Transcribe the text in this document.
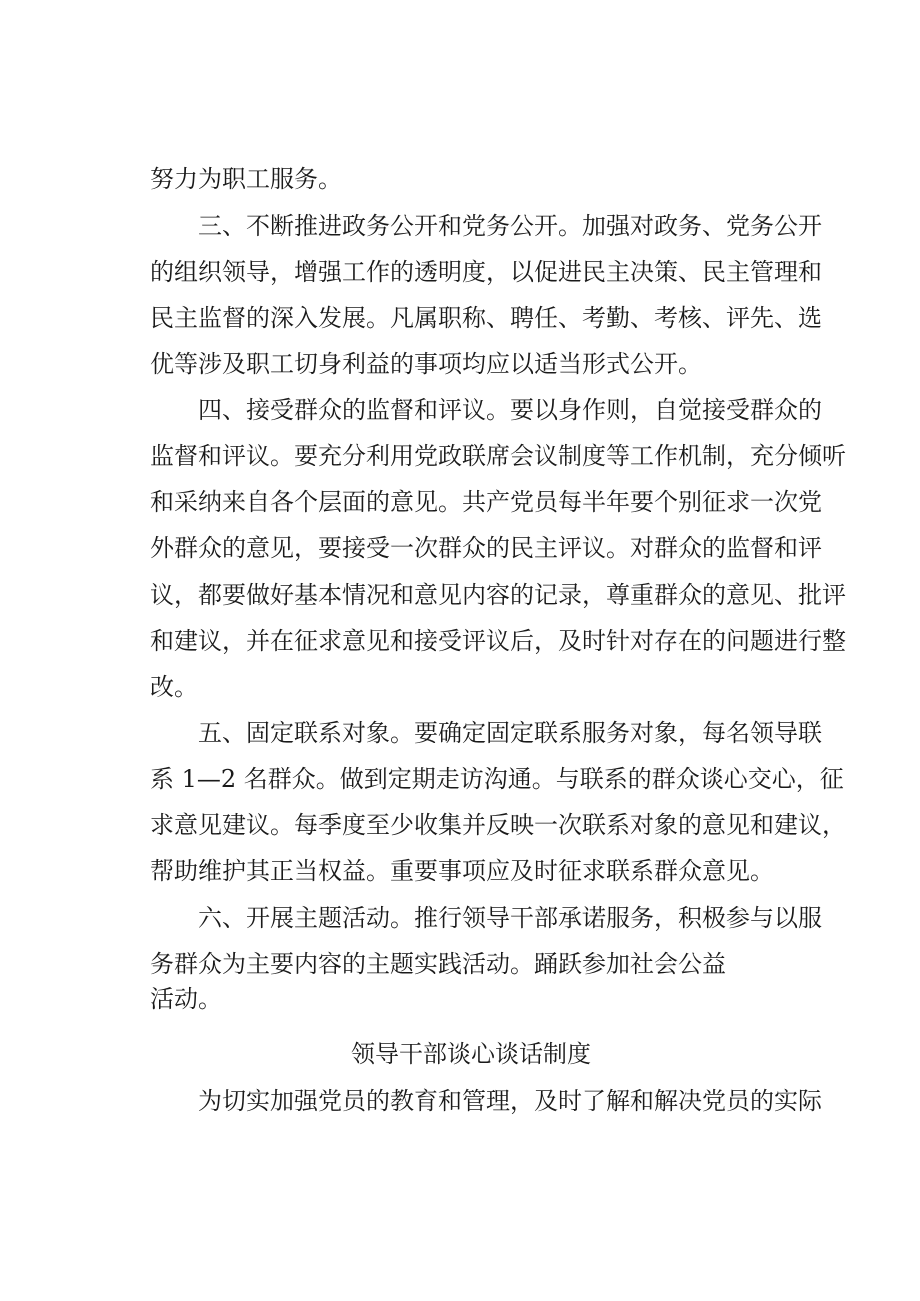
努力为职工服务。
三、不断推进政务公开和党务公开。加强对政务、党务公开
的组织领导，增强工作的透明度，以促进民主决策、民主管理和
民主监督的深入发展。凡属职称、聘任、考勤、考核、评先、选
优等涉及职工切身利益的事项均应以适当形式公开。
四、接受群众的监督和评议。要以身作则，自觉接受群众的
监督和评议。要充分利用党政联席会议制度等工作机制，充分倾听
和采纳来自各个层面的意见。共产党员每半年要个别征求一次党
外群众的意见，要接受一次群众的民主评议。对群众的监督和评
议，都要做好基本情况和意见内容的记录，尊重群众的意见、批评
和建议，并在征求意见和接受评议后，及时针对存在的问题进行整
改。
五、固定联系对象。要确定固定联系服务对象，每名领导联
系 1—2 名群众。做到定期走访沟通。与联系的群众谈心交心，征
求意见建议。每季度至少收集并反映一次联系对象的意见和建议，
帮助维护其正当权益。重要事项应及时征求联系群众意见。
六、开展主题活动。推行领导干部承诺服务，积极参与以服
务群众为主要内容的主题实践活动。踊跃参加社会公益
活动。
领导干部谈心谈话制度
为切实加强党员的教育和管理，及时了解和解决党员的实际
